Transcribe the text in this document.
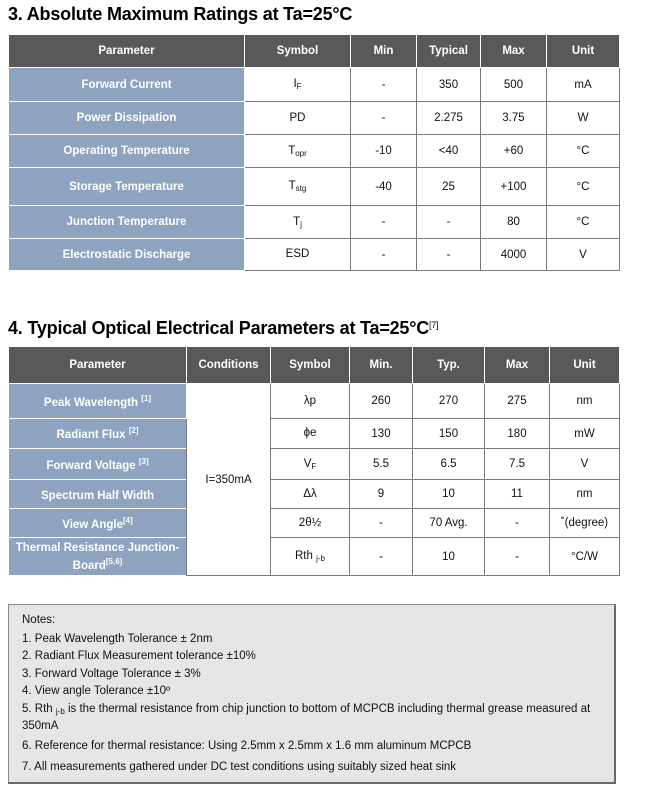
3. Absolute Maximum Ratings at Ta=25°C
Parameter	Symbol	Min	Typical	Max	Unit
Forward Current	$I_F$	-	350	500	mA
Power Dissipation	PD	-	2.275	3.75	W
Operating Temperature	$T_{opr}$	-10	<40	+60	°C
Storage Temperature	$T_{stg}$	-40	25	+100	°C
Junction Temperature	$T_j$	-	-	80	°C
Electrostatic Discharge	ESD	-	-	4000	V
4. Typical Optical Electrical Parameters at Ta=25°C[7]
Parameter	Conditions	Symbol	Min.	Typ.	Max	Unit
Peak Wavelength [1]	I=350mA	λp	260	270	275	nm
Radiant Flux [2]		ϕe	130	150	180	mW
Forward Voltage [3]		$V_F$	5.5	6.5	7.5	V
Spectrum Half Width		Δλ	9	10	11	nm
View Angle[4]		2θ½	-	70 Avg.	-	˚(degree)
Thermal Resistance Junction-Board[5,6]		Rth $_{j-b}$	-	10	-	°C/W
Notes:
1. Peak Wavelength Tolerance ± 2nm
2. Radiant Flux Measurement tolerance ±10%
3. Forward Voltage Tolerance ± 3%
4. View angle Tolerance ±10º
5. Rth $_{j-b}$ is the thermal resistance from chip junction to bottom of MCPCB including thermal grease measured at 350mA
6. Reference for thermal resistance: Using 2.5mm x 2.5mm x 1.6 mm aluminum MCPCB
7. All measurements gathered under DC test conditions using suitably sized heat sink
